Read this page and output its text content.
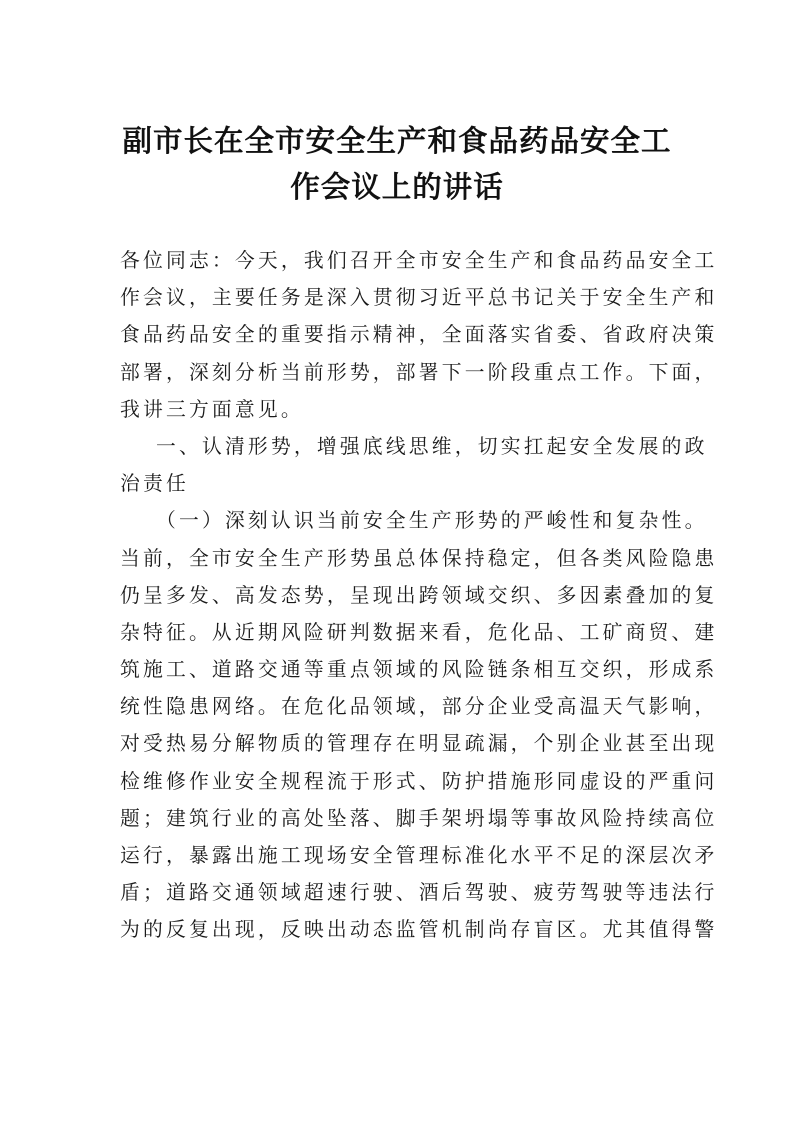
副市长在全市安全生产和食品药品安全工
作会议上的讲话
各位同志：今天，我们召开全市安全生产和食品药品安全工
作会议，主要任务是深入贯彻习近平总书记关于安全生产和
食品药品安全的重要指示精神，全面落实省委、省政府决策
部署，深刻分析当前形势，部署下一阶段重点工作。下面，
我讲三方面意见。
一、认清形势，增强底线思维，切实扛起安全发展的政
治责任
（一）深刻认识当前安全生产形势的严峻性和复杂性。
当前，全市安全生产形势虽总体保持稳定，但各类风险隐患
仍呈多发、高发态势，呈现出跨领域交织、多因素叠加的复
杂特征。从近期风险研判数据来看，危化品、工矿商贸、建
筑施工、道路交通等重点领域的风险链条相互交织，形成系
统性隐患网络。在危化品领域，部分企业受高温天气影响，
对受热易分解物质的管理存在明显疏漏，个别企业甚至出现
检维修作业安全规程流于形式、防护措施形同虚设的严重问
题；建筑行业的高处坠落、脚手架坍塌等事故风险持续高位
运行，暴露出施工现场安全管理标准化水平不足的深层次矛
盾；道路交通领域超速行驶、酒后驾驶、疲劳驾驶等违法行
为的反复出现，反映出动态监管机制尚存盲区。尤其值得警
